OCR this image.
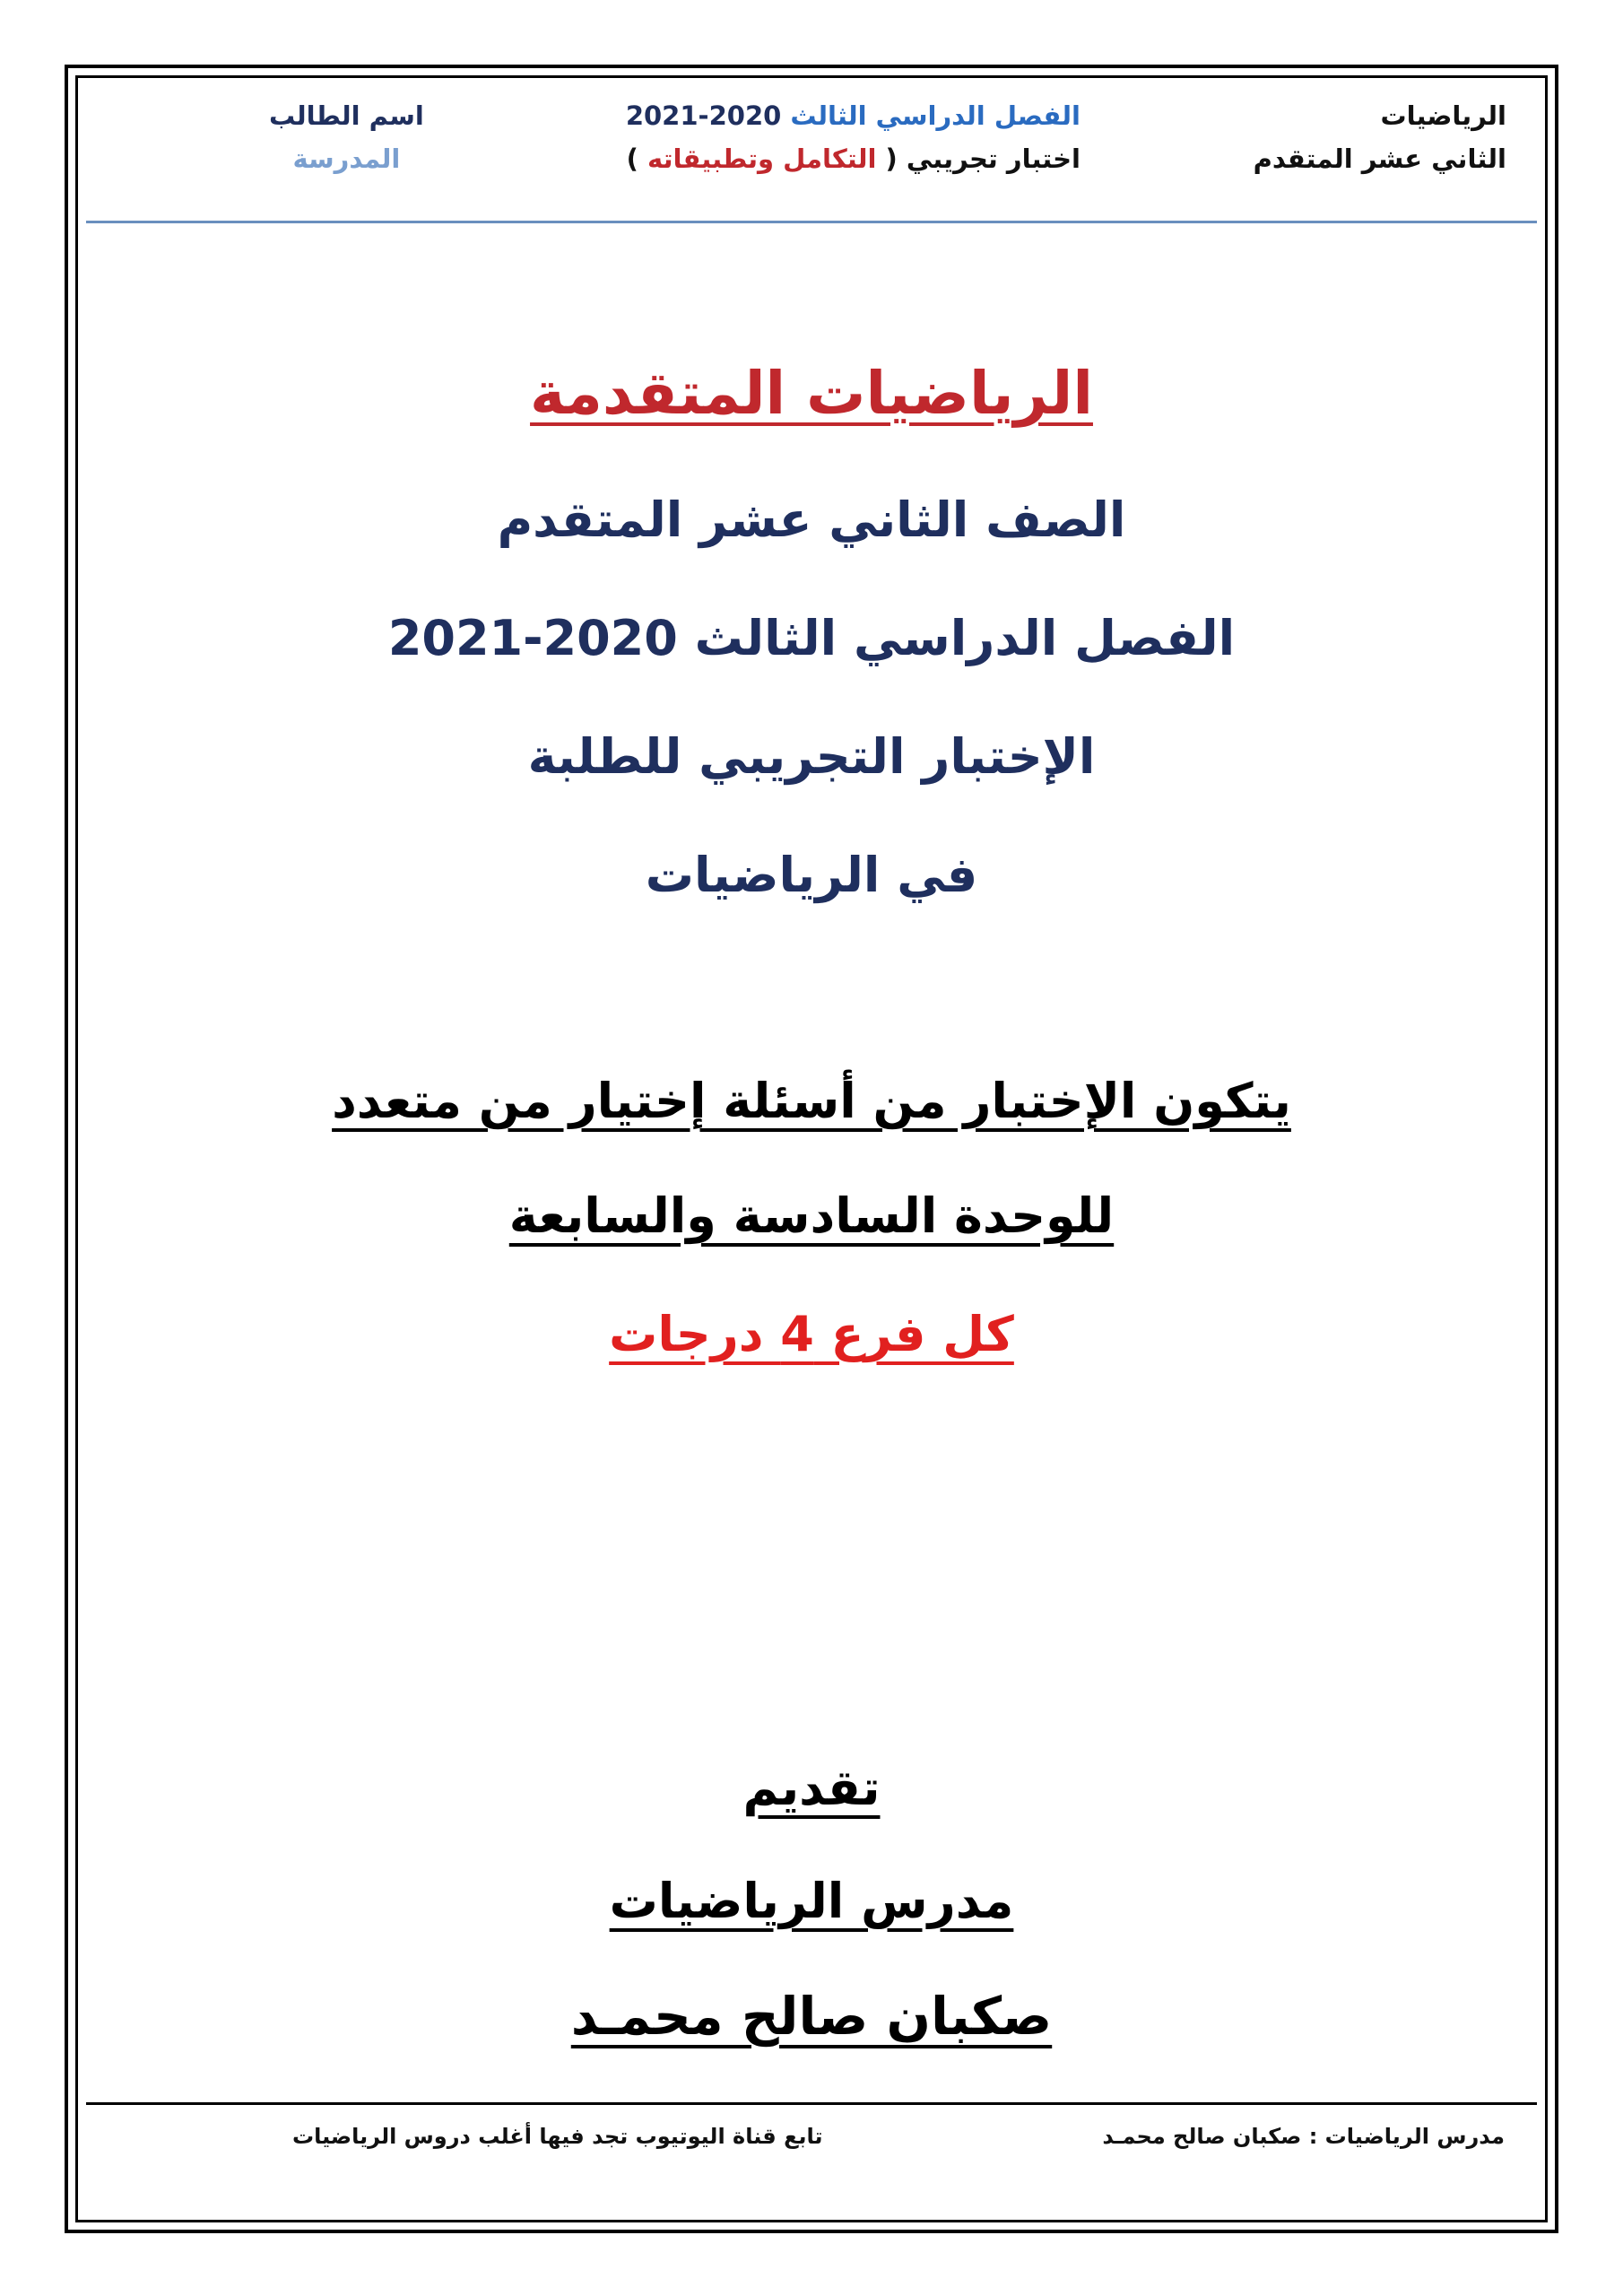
الرياضيات
الثاني عشر المتقدم
الفصل الدراسي الثالث 2020-2021
اختبار تجريبي ( التكامل وتطبيقاته )
اسم الطالب
المدرسة
الرياضيات المتقدمة
الصف الثاني عشر المتقدم
الفصل الدراسي الثالث 2020-2021
الإختبار التجريبي للطلبة
في الرياضيات
يتكون الإختبار من أسئلة إختيار من متعدد
للوحدة السادسة والسابعة
كل فرع 4 درجات
تقديم
مدرس الرياضيات
صكبان صالح محمـد
مدرس الرياضيات : صكبان صالح محمـد
تابع قناة اليوتيوب تجد فيها أغلب دروس الرياضيات
